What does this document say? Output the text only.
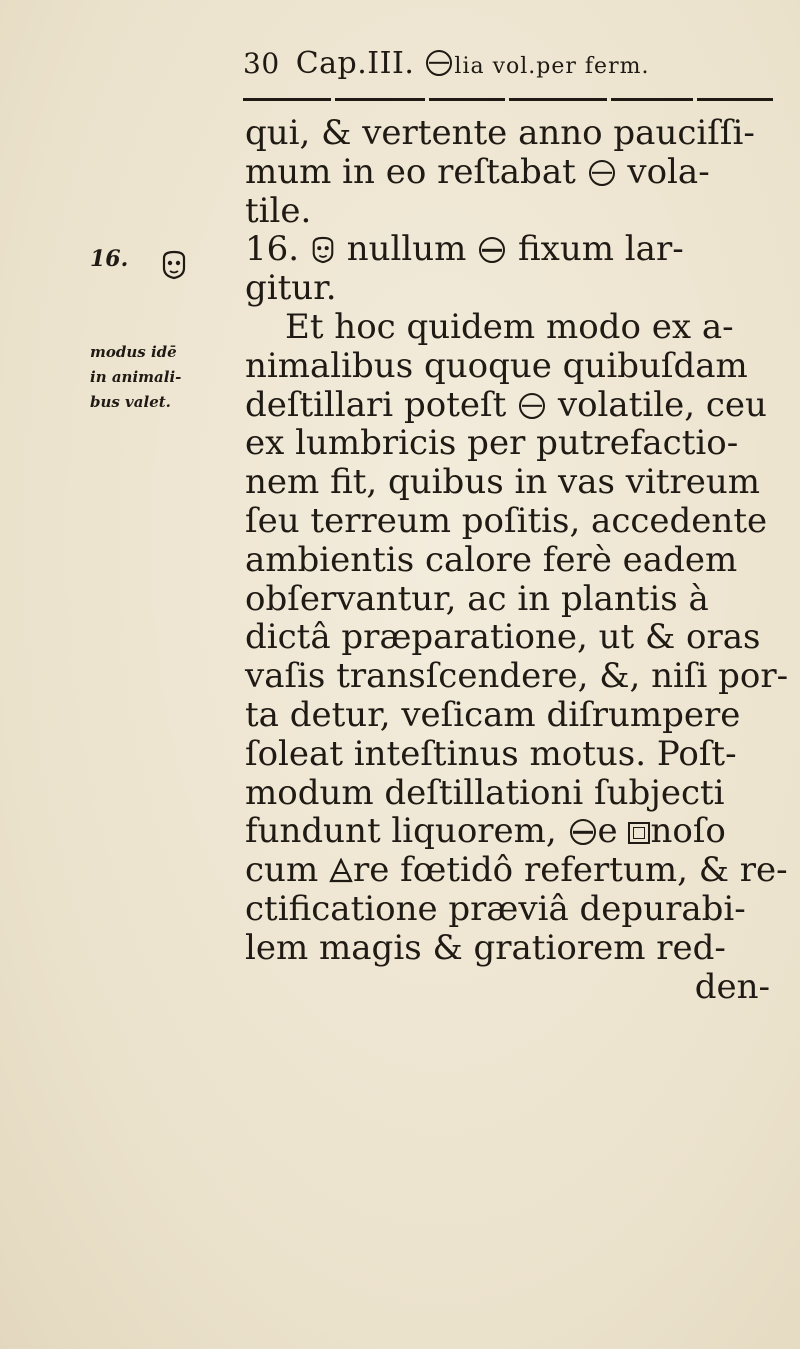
30 Cap.III. lia vol.per ferm.
16.
modus idē
in animali-
bus valet.
qui, & vertente anno pauciſſi-
mum in eo reſtabat  vola-
tile.
16.  nullum  fixum lar-
gitur.
Et hoc quidem modo ex a-
nimalibus quoque quibuſdam
deſtillari poteſt  volatile, ceu
ex lumbricis per putrefactio-
nem fit, quibus in vas vitreum
ſeu terreum poſitis, accedente
ambientis calore ferè eadem
obſervantur, ac in plantis à
dictâ præparatione, ut & oras
vaſis transſcendere, &, niſi por-
ta detur, veſicam diſrumpere
ſoleat inteſtinus motus. Poſt-
modum deſtillationi ſubjecti
fundunt liquorem, e noſo
cum re fœtidô refertum, & re-
ctificatione præviâ depurabi-
lem magis & gratiorem red-
den-
